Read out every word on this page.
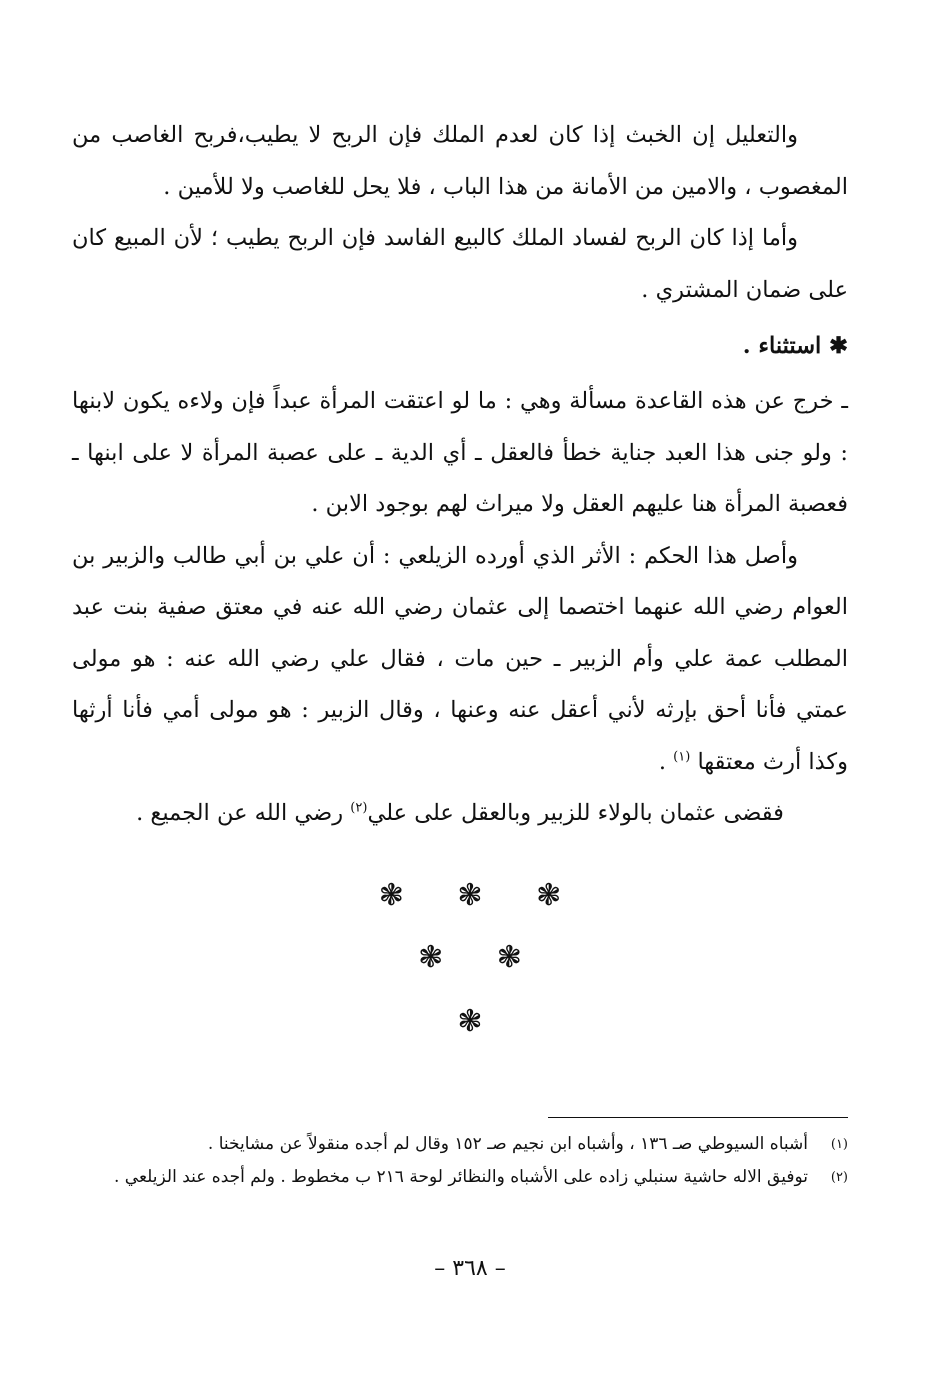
والتعليل إن الخبث إذا كان لعدم الملك فإن الربح لا يطيب،فربح الغاصب من المغصوب ، والامين من الأمانة من هذا الباب ، فلا يحل للغاصب ولا للأمين .

وأما إذا كان الربح لفساد الملك كالبيع الفاسد فإن الربح يطيب ؛ لأن المبيع كان على ضمان المشتري .

✱ استثناء .

ـ خرج عن هذه القاعدة مسألة وهي : ما لو اعتقت المرأة عبداً فإن ولاءه يكون لابنها : ولو جنى هذا العبد جناية خطأ فالعقل ـ أي الدية ـ على عصبة المرأة لا على ابنها ـ فعصبة المرأة هنا عليهم العقل ولا ميراث لهم بوجود الابن .

وأصل هذا الحكم : الأثر الذي أورده الزيلعي : أن علي بن أبي طالب والزبير بن العوام رضي الله عنهما اختصما إلى عثمان رضي الله عنه في معتق صفية بنت عبد المطلب عمة علي وأم الزبير ـ حين مات ، فقال علي رضي الله عنه : هو مولى عمتي فأنا أحق بإرثه لأني أعقل عنه وعنها ، وقال الزبير : هو مولى أمي فأنا أرثها وكذا أرث معتقها $^{(١)}$ .

فقضى عثمان بالولاء للزبير وبالعقل على علي$^{(٢)}$ رضي الله عن الجميع .

❃ ❃ ❃
❃ ❃
❃
(١)
أشباه السيوطي صـ ١٣٦ ، وأشباه ابن نجيم صـ ١٥٢ وقال لم أجده منقولاً عن مشايخنا .
(٢)
توفيق الاله حاشية سنبلي زاده على الأشباه والنظائر لوحة ٢١٦ ب مخطوط . ولم أجده عند الزيلعي .
– ٣٦٨ –
